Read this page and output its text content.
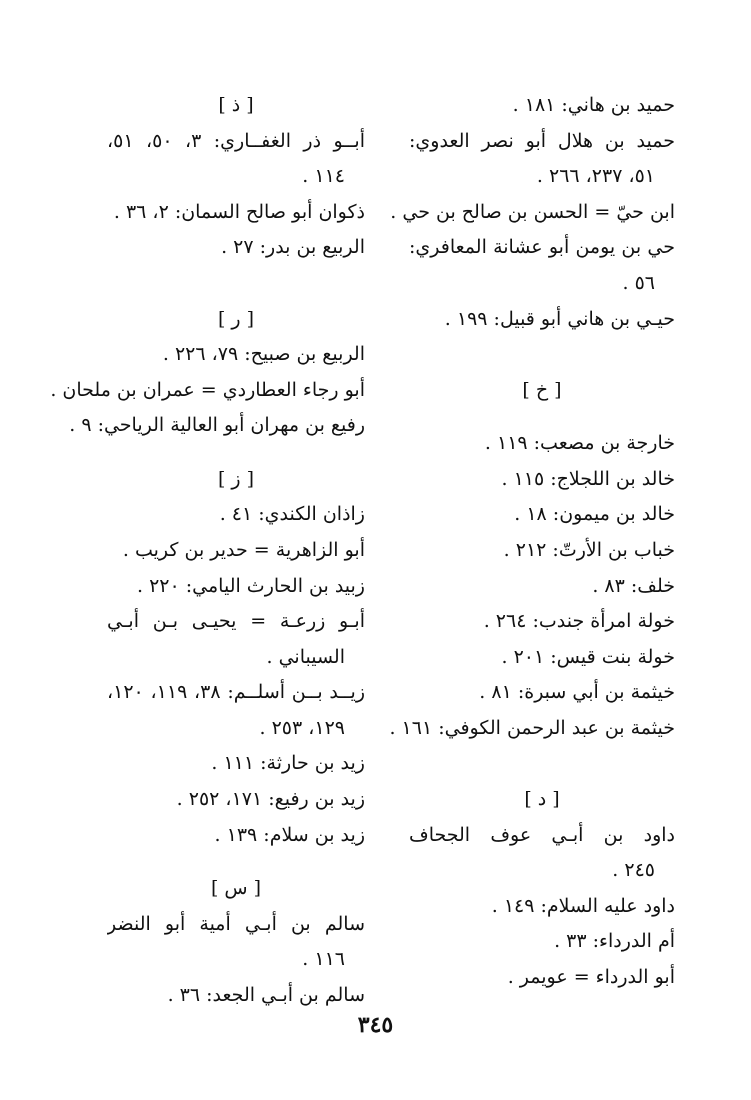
حميد بن هاني: ١٨١ .
حميد بن هلال أبو نصر العدوي:
٥١، ٢٣٧، ٢٦٦ .
ابن حيّ = الحسن بن صالح بن حي .
حي بن يومن أبو عشانة المعافري:
٥٦ .
حيـي بن هاني أبو قبيل: ١٩٩ .
[ خ ]
خارجة بن مصعب: ١١٩ .
خالد بن اللجلاج: ١١٥ .
خالد بن ميمون: ١٨ .
خباب بن الأرتّ: ٢١٢ .
خلف: ٨٣ .
خولة امرأة جندب: ٢٦٤ .
خولة بنت قيس: ٢٠١ .
خيثمة بن أبي سبرة: ٨١ .
خيثمة بن عبد الرحمن الكوفي: ١٦١ .
[ د ]
داود بن أبـي عوف الجحاف
٢٤٥ .
داود عليه السلام: ١٤٩ .
أم الدرداء: ٣٣ .
أبو الدرداء = عويمر .
[ ذ ]
أبــو ذر الغفــاري: ٣، ٥٠، ٥١،
١١٤ .
ذكوان أبو صالح السمان: ٢، ٣٦ .
الربيع بن بدر: ٢٧ .
[ ر ]
الربيع بن صبيح: ٧٩، ٢٢٦ .
أبو رجاء العطاردي = عمران بن ملحان .
رفيع بن مهران أبو العالية الرياحي: ٩ .
[ ز ]
زاذان الكندي: ٤١ .
أبو الزاهرية = حدير بن كريب .
زبيد بن الحارث اليامي: ٢٢٠ .
أبـو زرعـة = يحيـى بـن أبـي
السيباني .
زيــد بــن أسلــم: ٣٨، ١١٩، ١٢٠،
١٢٩، ٢٥٣ .
زيد بن حارثة: ١١١ .
زيد بن رفيع: ١٧١، ٢٥٢ .
زيد بن سلام: ١٣٩ .
[ س ]
سالم بن أبـي أمية أبو النضر
١١٦ .
سالم بن أبـي الجعد: ٣٦ .
٣٤٥
